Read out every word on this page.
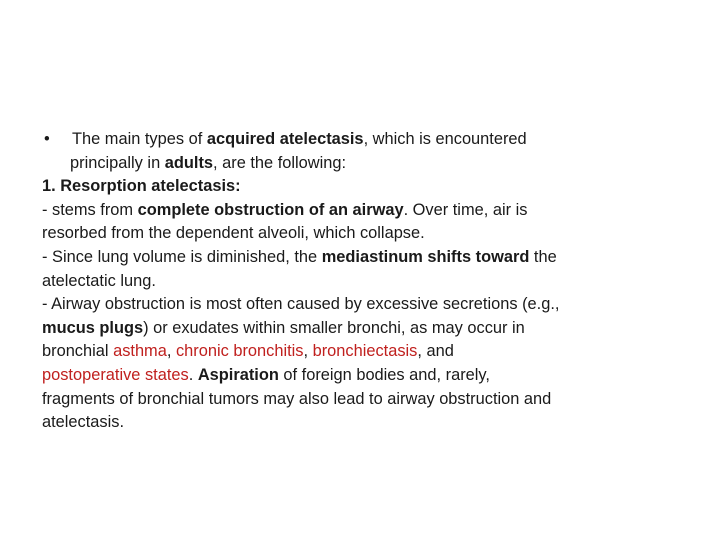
• The main types of acquired atelectasis, which is encountered
principally in adults, are the following:
1. Resorption atelectasis:
- stems from complete obstruction of an airway. Over time, air is
resorbed from the dependent alveoli, which collapse.
- Since lung volume is diminished, the mediastinum shifts toward the
atelectatic lung.
- Airway obstruction is most often caused by excessive secretions (e.g.,
mucus plugs) or exudates within smaller bronchi, as may occur in
bronchial asthma, chronic bronchitis, bronchiectasis, and
postoperative states. Aspiration of foreign bodies and, rarely,
fragments of bronchial tumors may also lead to airway obstruction and
atelectasis.
